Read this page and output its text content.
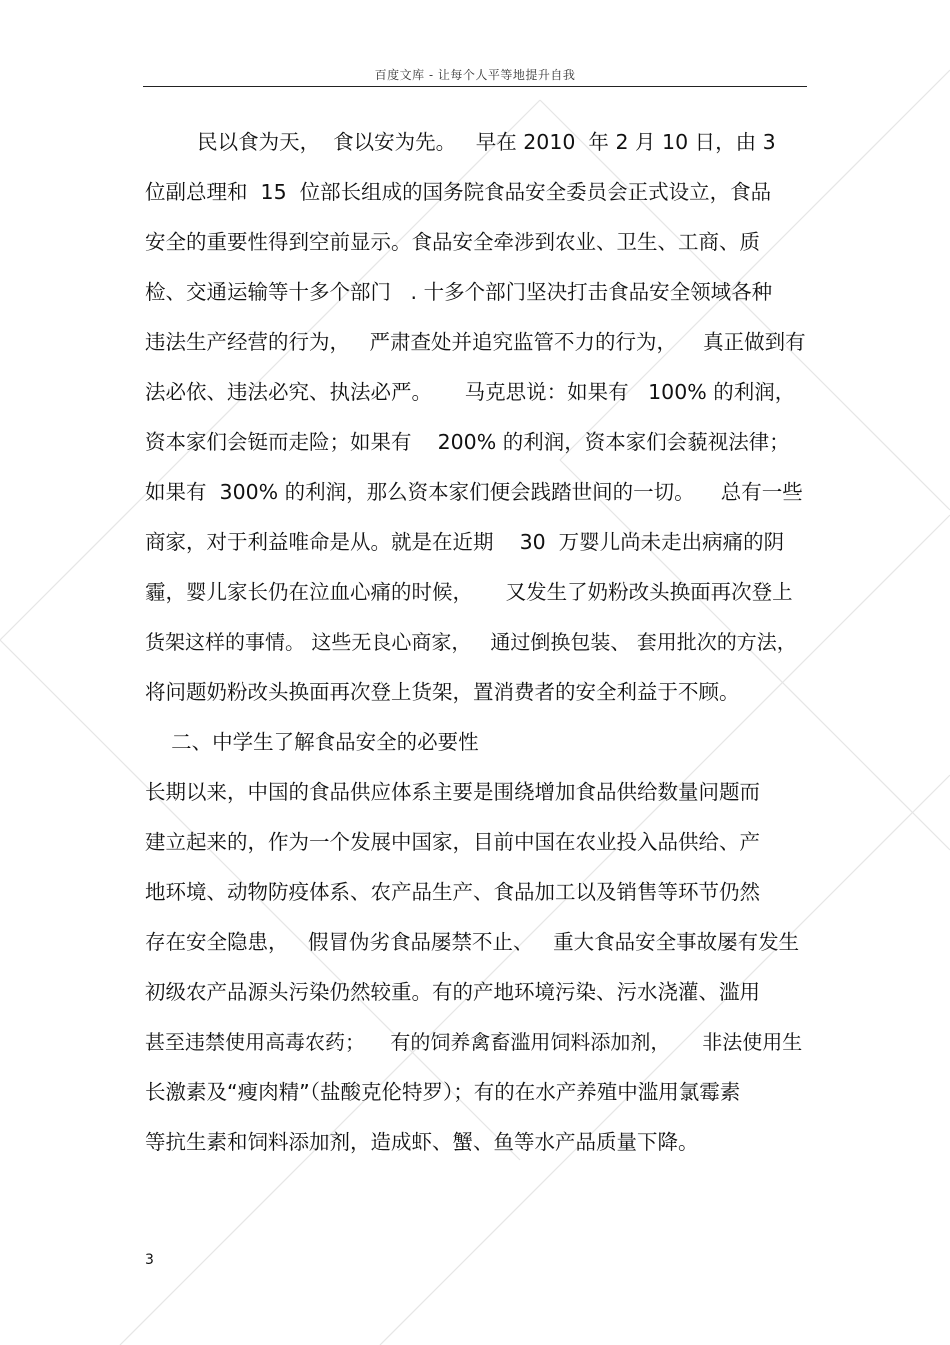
百度文库 - 让每个人平等地提升自我
民以食为天，  食以安为先。   早在 2010  年 2 月 10 日，由 3
位副总理和  15  位部长组成的国务院食品安全委员会正式设立，食品
安全的重要性得到空前显示。食品安全牵涉到农业、卫生、工商、质
检、交通运输等十多个部门   . 十多个部门坚决打击食品安全领域各种
违法生产经营的行为，   严肃查处并追究监管不力的行为，    真正做到有
法必依、违法必究、执法必严。     马克思说：如果有   100% 的利润，
资本家们会铤而走险；如果有    200% 的利润，资本家们会藐视法律；
如果有  300% 的利润，那么资本家们便会践踏世间的一切。    总有一些
商家，对于利益唯命是从。就是在近期    30  万婴儿尚未走出病痛的阴
霾，婴儿家长仍在泣血心痛的时候，     又发生了奶粉改头换面再次登上
货架这样的事情。 这些无良心商家，   通过倒换包装、 套用批次的方法，
将问题奶粉改头换面再次登上货架，置消费者的安全利益于不顾。
二、中学生了解食品安全的必要性
长期以来，中国的食品供应体系主要是围绕增加食品供给数量问题而
建立起来的，作为一个发展中国家，目前中国在农业投入品供给、产
地环境、动物防疫体系、农产品生产、食品加工以及销售等环节仍然
存在安全隐患，   假冒伪劣食品屡禁不止、   重大食品安全事故屡有发生
初级农产品源头污染仍然较重。有的产地环境污染、污水浇灌、滥用
甚至违禁使用高毒农药；    有的饲养禽畜滥用饲料添加剂，     非法使用生
长激素及“瘦肉精”（盐酸克伦特罗）；有的在水产养殖中滥用氯霉素
等抗生素和饲料添加剂，造成虾、蟹、鱼等水产品质量下降。
3
